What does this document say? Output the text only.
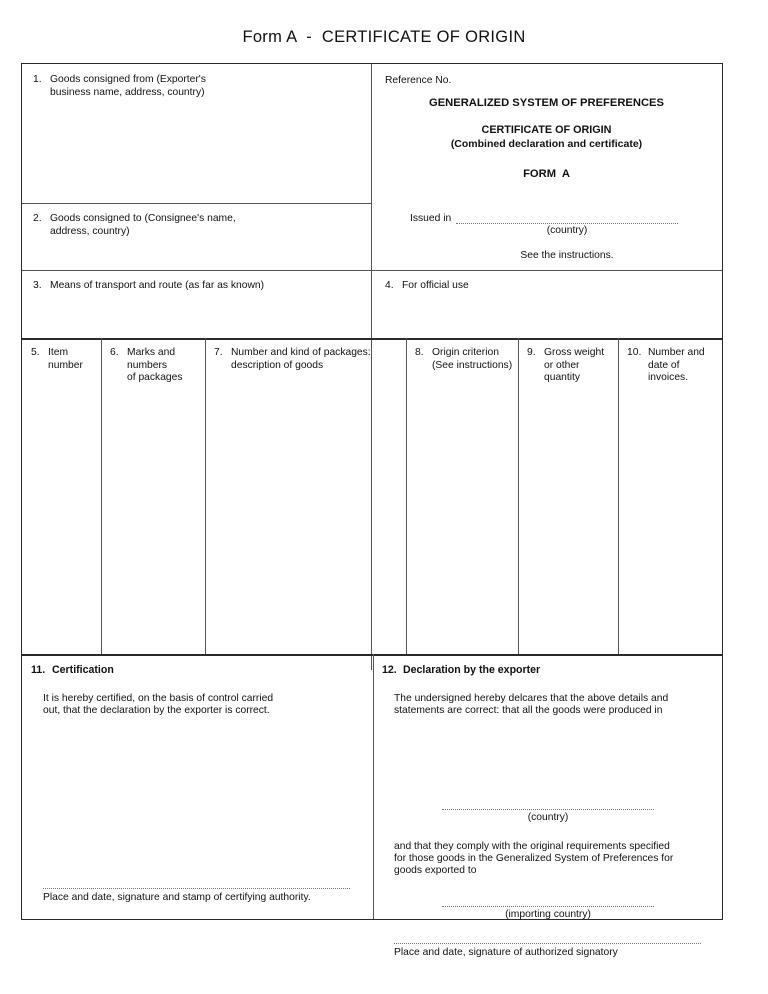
Form A  -  CERTIFICATE OF ORIGIN
1. Goods consigned from (Exporter's
business name, address, country)
2. Goods consigned to (Consignee's name,
address, country)
3. Means of transport and route (as far as known)
Reference No.
GENERALIZED SYSTEM OF PREFERENCES
CERTIFICATE OF ORIGIN
(Combined declaration and certificate)
FORM  A
Issued in
(country)
See the instructions.
4. For official use
5. Item
number
6. Marks and
numbers
of packages
7. Number and kind of packages:
description of goods
8. Origin criterion
(See instructions)
9. Gross weight
or other
quantity
10. Number and
date of
invoices.
11. Certification
It is hereby certified, on the basis of control carried
out, that the declaration by the exporter is correct.
Place and date, signature and stamp of certifying authority.
12. Declaration by the exporter
The undersigned hereby delcares that the above details and
statements are correct: that all the goods were produced in
(country)
and that they comply with the original requirements specified
for those goods in the Generalized System of Preferences for
goods exported to
(importing country)
Place and date, signature of authorized signatory
